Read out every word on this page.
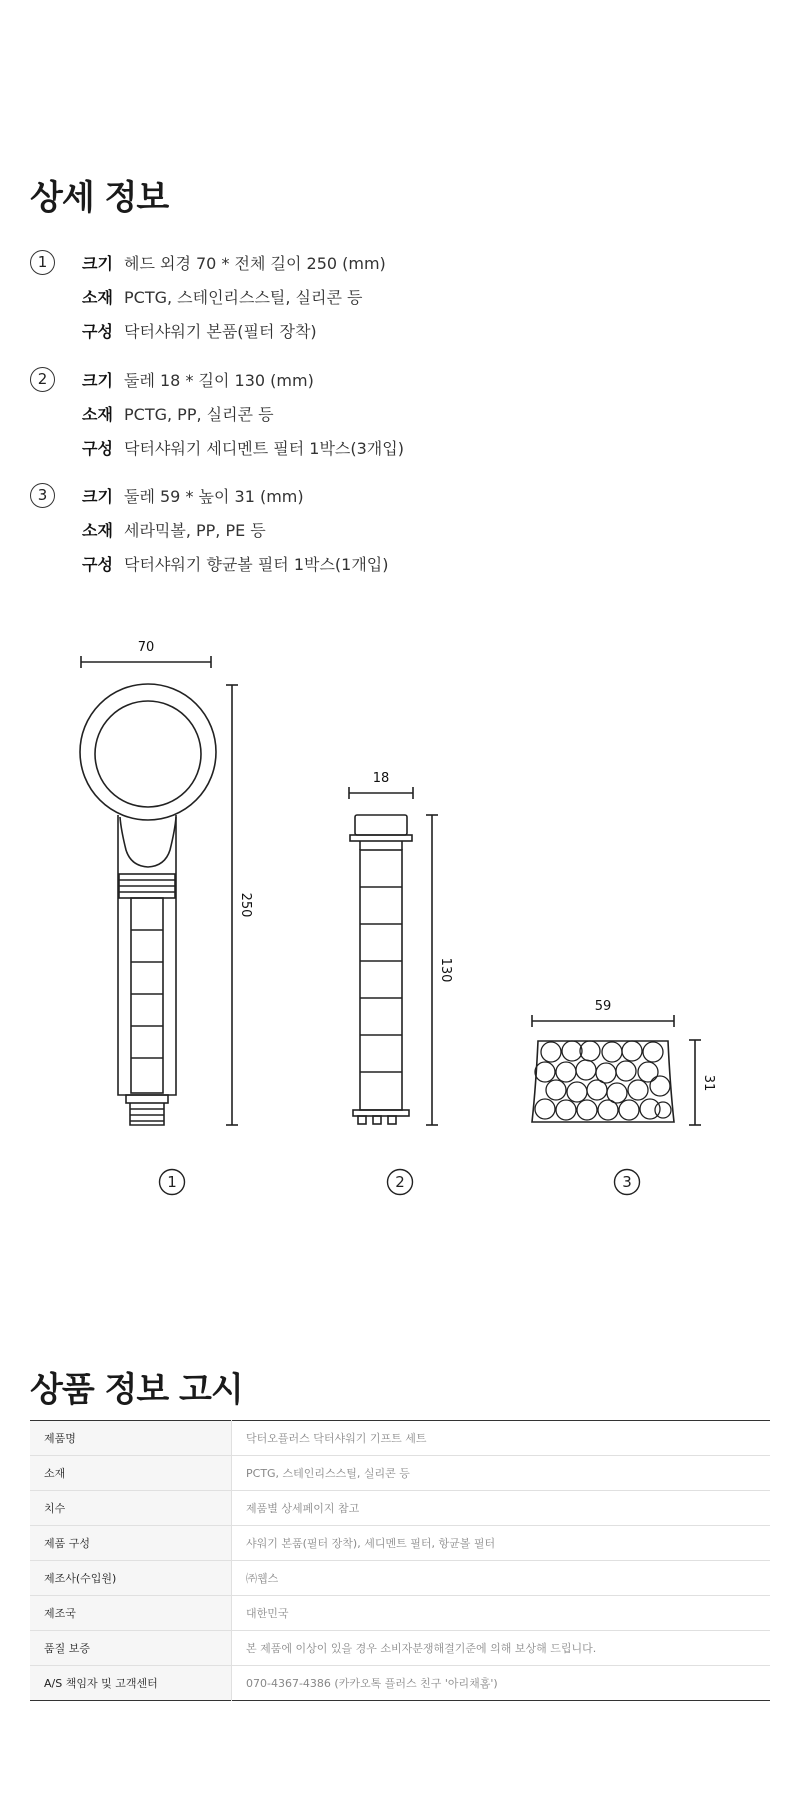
상세 정보
1	크기 헤드 외경 70 * 전체 길이 250 (mm)
소재 PCTG, 스테인리스스틸, 실리콘 등
구성 닥터샤워기 본품(필터 장착)
2	크기 둘레 18 * 길이 130 (mm)
소재 PCTG, PP, 실리콘 등
구성 닥터샤워기 세디멘트 필터 1박스(3개입)
3	크기 둘레 59 * 높이 31 (mm)
소재 세라믹볼, PP, PE 등
구성 닥터샤워기 향균볼 필터 1박스(1개입)
70
250
18
130
59
31
1	2	3
상품 정보 고시
제품명	닥터오플러스 닥터샤워기 기프트 세트
소재	PCTG, 스테인리스스틸, 실리콘 등
치수	제품별 상세페이지 참고
제품 구성	샤워기 본품(필터 장착), 세디멘트 필터, 항균볼 필터
제조사(수입원)	㈜웹스
제조국	대한민국
품질 보증	본 제품에 이상이 있을 경우 소비자분쟁해결기준에 의해 보상해 드립니다.
A/S 책임자 및 고객센터	070-4367-4386 (카카오톡 플러스 친구 '아리채홈')
